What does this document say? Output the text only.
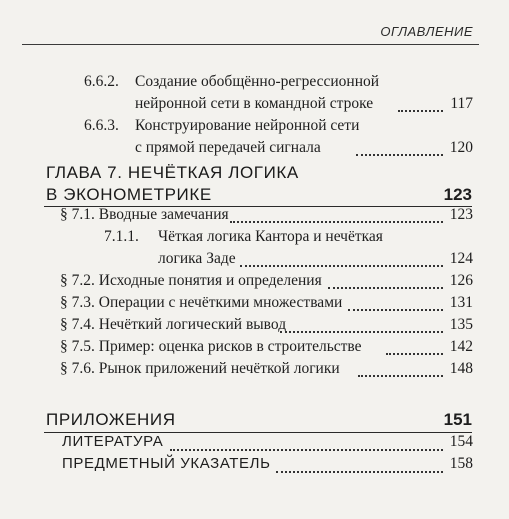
ОГЛАВЛЕНИЕ
6.6.2. Создание обобщённо-регрессионной
нейронной сети в командной строке	117
6.6.3. Конструирование нейронной сети
с прямой передачей сигнала	120
ГЛАВА 7. НЕЧЁТКАЯ ЛОГИКА
В ЭКОНОМЕТРИКЕ	123
§ 7.1. Вводные замечания	123
7.1.1. Чёткая логика Кантора и нечёткая
логика Заде	124
§ 7.2. Исходные понятия и определения	126
§ 7.3. Операции с нечёткими множествами	131
§ 7.4. Нечёткий логический вывод	135
§ 7.5. Пример: оценка рисков в строительстве	142
§ 7.6. Рынок приложений нечёткой логики	148
ПРИЛОЖЕНИЯ	151
ЛИТЕРАТУРА	154
ПРЕДМЕТНЫЙ УКАЗАТЕЛЬ	158
